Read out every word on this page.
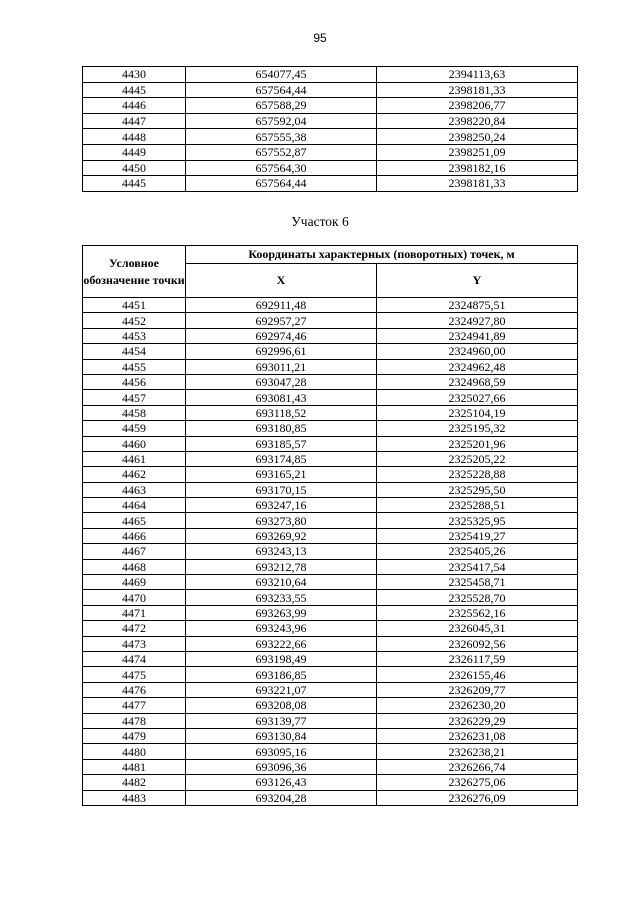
95
4430	654077,45	2394113,63
4445	657564,44	2398181,33
4446	657588,29	2398206,77
4447	657592,04	2398220,84
4448	657555,38	2398250,24
4449	657552,87	2398251,09
4450	657564,30	2398182,16
4445	657564,44	2398181,33
Участок 6
Условное обозначение точки	Координаты характерных (поворотных) точек, м	
	X	Y
4451	692911,48	2324875,51
4452	692957,27	2324927,80
4453	692974,46	2324941,89
4454	692996,61	2324960,00
4455	693011,21	2324962,48
4456	693047,28	2324968,59
4457	693081,43	2325027,66
4458	693118,52	2325104,19
4459	693180,85	2325195,32
4460	693185,57	2325201,96
4461	693174,85	2325205,22
4462	693165,21	2325228,88
4463	693170,15	2325295,50
4464	693247,16	2325288,51
4465	693273,80	2325325,95
4466	693269,92	2325419,27
4467	693243,13	2325405,26
4468	693212,78	2325417,54
4469	693210,64	2325458,71
4470	693233,55	2325528,70
4471	693263,99	2325562,16
4472	693243,96	2326045,31
4473	693222,66	2326092,56
4474	693198,49	2326117,59
4475	693186,85	2326155,46
4476	693221,07	2326209,77
4477	693208,08	2326230,20
4478	693139,77	2326229,29
4479	693130,84	2326231,08
4480	693095,16	2326238,21
4481	693096,36	2326266,74
4482	693126,43	2326275,06
4483	693204,28	2326276,09
